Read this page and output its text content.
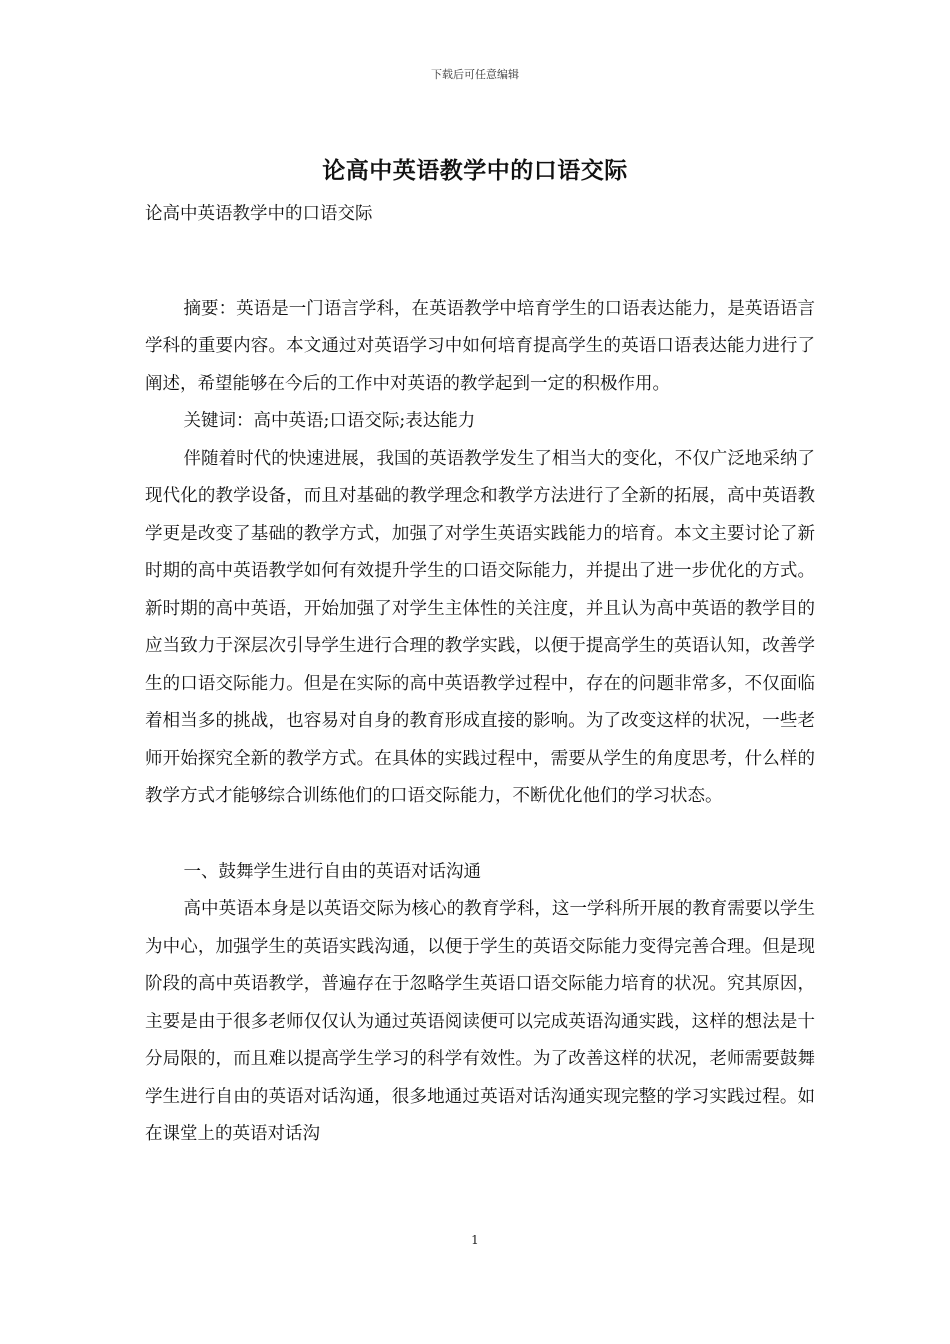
下载后可任意编辑
论高中英语教学中的口语交际

论高中英语教学中的口语交际

摘要：英语是一门语言学科，在英语教学中培育学生的口语表达能力，是英语语言学科的重要内容。本文通过对英语学习中如何培育提高学生的英语口语表达能力进行了阐述，希望能够在今后的工作中对英语的教学起到一定的积极作用。

关键词：高中英语;口语交际;表达能力

伴随着时代的快速进展，我国的英语教学发生了相当大的变化，不仅广泛地采纳了现代化的教学设备，而且对基础的教学理念和教学方法进行了全新的拓展，高中英语教学更是改变了基础的教学方式，加强了对学生英语实践能力的培育。本文主要讨论了新时期的高中英语教学如何有效提升学生的口语交际能力，并提出了进一步优化的方式。新时期的高中英语，开始加强了对学生主体性的关注度，并且认为高中英语的教学目的应当致力于深层次引导学生进行合理的教学实践，以便于提高学生的英语认知，改善学生的口语交际能力。但是在实际的高中英语教学过程中，存在的问题非常多，不仅面临着相当多的挑战，也容易对自身的教育形成直接的影响。为了改变这样的状况，一些老师开始探究全新的教学方式。在具体的实践过程中，需要从学生的角度思考，什么样的教学方式才能够综合训练他们的口语交际能力，不断优化他们的学习状态。

一、鼓舞学生进行自由的英语对话沟通

高中英语本身是以英语交际为核心的教育学科，这一学科所开展的教育需要以学生为中心，加强学生的英语实践沟通，以便于学生的英语交际能力变得完善合理。但是现阶段的高中英语教学，普遍存在于忽略学生英语口语交际能力培育的状况。究其原因，主要是由于很多老师仅仅认为通过英语阅读便可以完成英语沟通实践，这样的想法是十分局限的，而且难以提高学生学习的科学有效性。为了改善这样的状况，老师需要鼓舞学生进行自由的英语对话沟通，很多地通过英语对话沟通实现完整的学习实践过程。如在课堂上的英语对话沟

1
